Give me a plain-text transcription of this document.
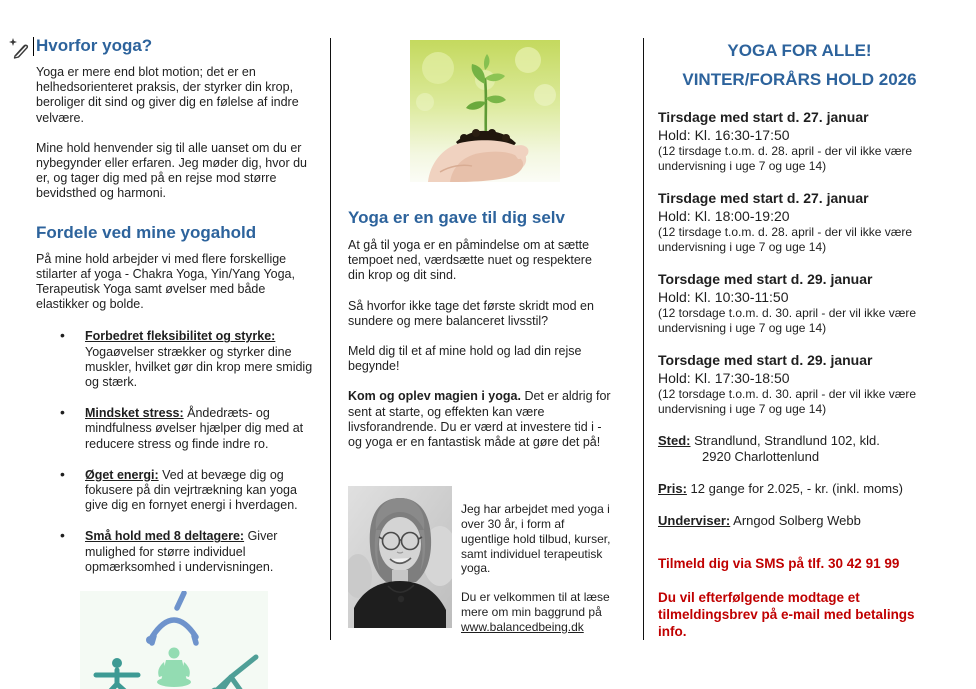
Hvorfor yoga?

Yoga er mere end blot motion; det er en helhedsorienteret praksis, der styrker din krop, beroliger dit sind og giver dig en følelse af indre velvære.

Mine hold henvender sig til alle uanset om du er nybegynder eller erfaren. Jeg møder dig, hvor du er, og tager dig med på en rejse mod større bevidsthed og harmoni.

Fordele ved mine yogahold

På mine hold arbejder vi med flere forskellige stilarter af yoga - Chakra Yoga, Yin/Yang Yoga, Terapeutisk Yoga samt øvelser med både elastikker og bolde.

• Forbedret fleksibilitet og styrke: Yogaøvelser strækker og styrker dine muskler, hvilket gør din krop mere smidig og stærk.
• Mindsket stress: Åndedræts- og mindfulness øvelser hjælper dig med at reducere stress og finde indre ro.
• Øget energi: Ved at bevæge dig og fokusere på din vejrtrækning kan yoga give dig en fornyet energi i hverdagen.
• Små hold med 8 deltagere: Giver mulighed for større individuel opmærksomhed i undervisningen.
Yoga er en gave til dig selv

At gå til yoga er en påmindelse om at sætte tempoet ned, værdsætte nuet og respektere din krop og dit sind.

Så hvorfor ikke tage det første skridt mod en sundere og mere balanceret livsstil?

Meld dig til et af mine hold og lad din rejse begynde!

Kom og oplev magien i yoga. Det er aldrig for sent at starte, og effekten kan være livsforandrende. Du er værd at investere tid i - og yoga er en fantastisk måde at gøre det på!

Jeg har arbejdet med yoga i over 30 år, i form af ugentlige hold tilbud, kurser, samt individuel terapeutisk yoga.

Du er velkommen til at læse mere om min baggrund på www.balancedbeing.dk

YOGA FOR ALLE!
VINTER/FORÅRS HOLD 2026
Tirsdage med start d. 27. januar
Hold: Kl. 16:30-17:50
(12 tirsdage t.o.m. d. 28. april - der vil ikke være undervisning i uge 7 og uge 14)
Tirsdage med start d. 27. januar
Hold: Kl. 18:00-19:20
(12 tirsdage t.o.m. d. 28. april - der vil ikke være undervisning i uge 7 og uge 14)
Torsdage med start d. 29. januar
Hold: Kl. 10:30-11:50
(12 torsdage t.o.m. d. 30. april - der vil ikke være undervisning i uge 7 og uge 14)
Torsdage med start d. 29. januar
Hold: Kl. 17:30-18:50
(12 torsdage t.o.m. d. 30. april - der vil ikke være undervisning i uge 7 og uge 14)
Sted: Strandlund, Strandlund 102, kld.
2920 Charlottenlund
Pris: 12 gange for 2.025, - kr. (inkl. moms)
Underviser: Arngod Solberg Webb
Tilmeld dig via SMS på tlf. 30 42 91 99
Du vil efterfølgende modtage et tilmeldingsbrev på e-mail med betalings info.
